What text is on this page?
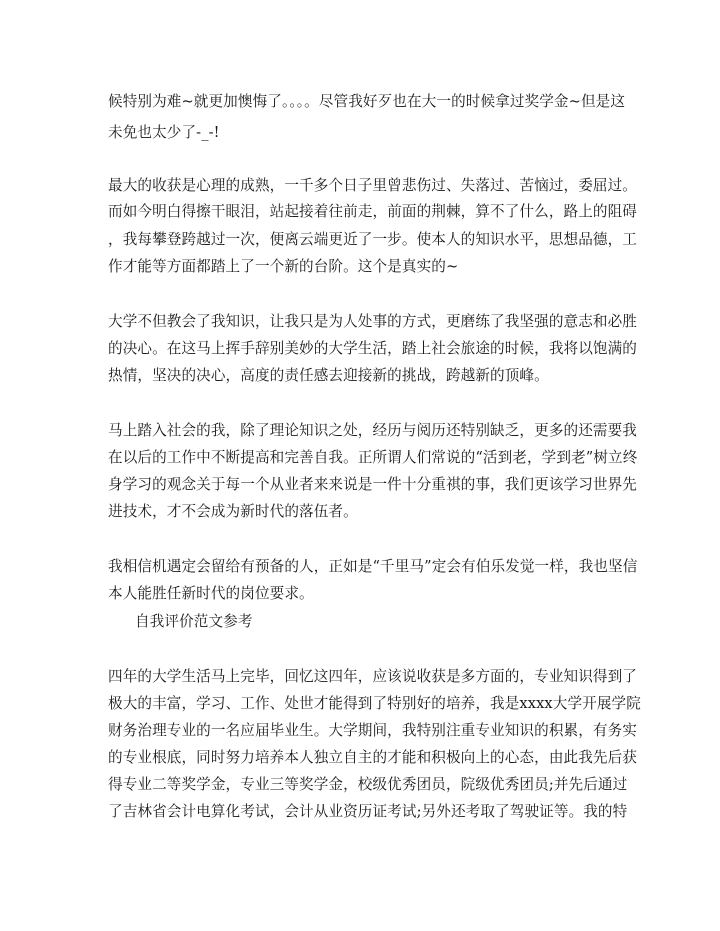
候特别为难~就更加懊悔了。。。。尽管我好歹也在大一的时候拿过奖学金~但是这
未免也太少了-_-!
最大的收获是心理的成熟，一千多个日子里曾悲伤过、失落过、苦恼过，委屈过。
而如今明白得擦干眼泪，站起接着往前走，前面的荆棘，算不了什么，路上的阻碍
，我每攀登跨越过一次，便离云端更近了一步。使本人的知识水平，思想品德，工
作才能等方面都踏上了一个新的台阶。这个是真实的~
大学不但教会了我知识，让我只是为人处事的方式，更磨练了我坚强的意志和必胜
的决心。在这马上挥手辞别美妙的大学生活，踏上社会旅途的时候，我将以饱满的
热情，坚决的决心，高度的责任感去迎接新的挑战，跨越新的顶峰。
马上踏入社会的我，除了理论知识之处，经历与阅历还特别缺乏，更多的还需要我
在以后的工作中不断提高和完善自我。正所谓人们常说的“活到老，学到老”树立终
身学习的观念关于每一个从业者来来说是一件十分重祺的事，我们更该学习世界先
进技术，才不会成为新时代的落伍者。
我相信机遇定会留给有预备的人，正如是“千里马”定会有伯乐发觉一样，我也坚信
本人能胜任新时代的岗位要求。
自我评价范文参考
四年的大学生活马上完毕，回忆这四年，应该说收获是多方面的，专业知识得到了
极大的丰富，学习、工作、处世才能得到了特别好的培养，我是xxxx大学开展学院
财务治理专业的一名应届毕业生。大学期间，我特别注重专业知识的积累，有务实
的专业根底，同时努力培养本人独立自主的才能和积极向上的心态，由此我先后获
得专业二等奖学金，专业三等奖学金，校级优秀团员，院级优秀团员;并先后通过
了吉林省会计电算化考试，会计从业资历证考试;另外还考取了驾驶证等。我的特
